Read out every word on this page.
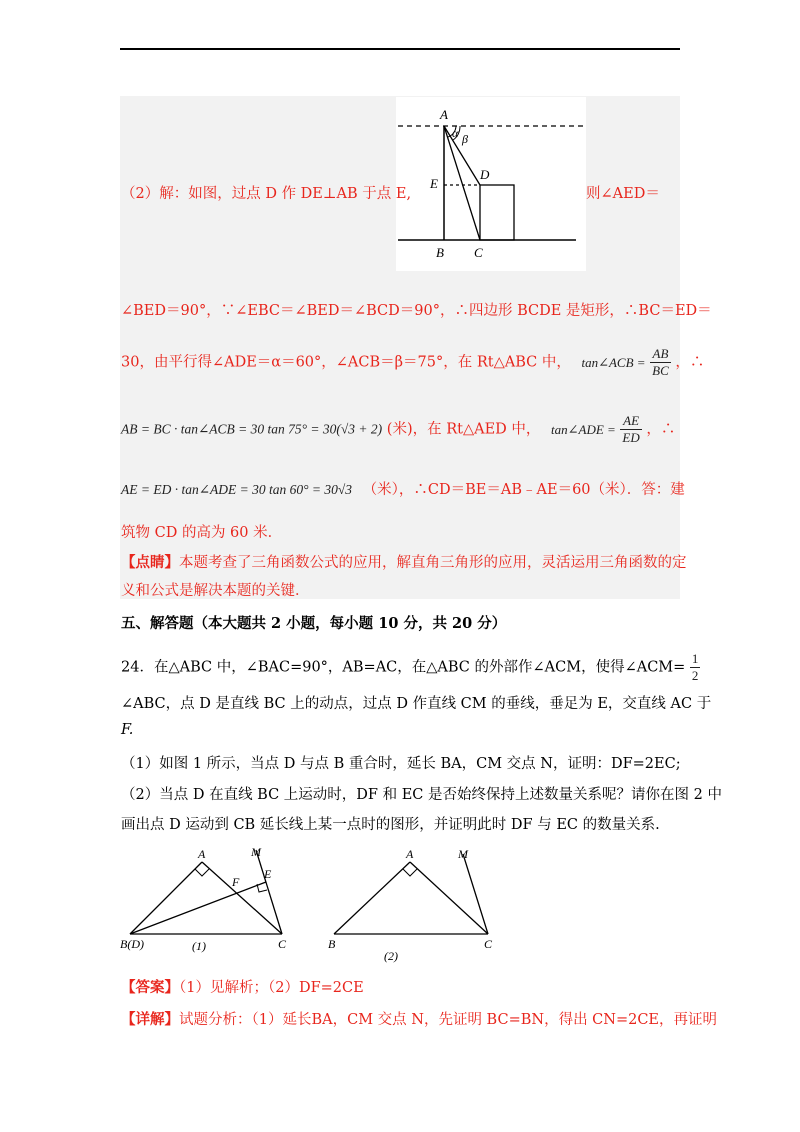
A
α β
E
D
B C
（2）解：如图，过点 D 作 DE⊥AB 于点 E,	则∠AED＝
∠BED＝90°，∵∠EBC＝∠BED＝∠BCD＝90°，∴四边形 BCDE 是矩形，∴BC＝ED＝
30，由平行得∠ADE＝α＝60°，∠ACB＝β＝75°，在 Rt△ABC 中， tan∠ACB = $\frac{AB}{BC}$ ，∴
AB = BC · tan∠ACB = 30 tan 75° = 30(√3 + 2) (米)，在 Rt△AED 中， tan∠ADE = $\frac{AE}{ED}$ ，∴
AE = ED · tan∠ADE = 30 tan 60° = 30√3 （米），∴CD＝BE＝AB﹣AE＝60（米）．答：建
筑物 CD 的高为 60 米．
【点睛】本题考查了三角函数公式的应用，解直角三角形的应用，灵活运用三角函数的定
义和公式是解决本题的关键．
五、解答题（本大题共 2 小题，每小题 10 分，共 20 分）
24．在△ABC 中，∠BAC=90°，AB=AC，在△ABC 的外部作∠ACM，使得∠ACM= $\frac{1}{2}$
∠ABC，点 D 是直线 BC 上的动点，过点 D 作直线 CM 的垂线，垂足为 E，交直线 AC 于
F.
（1）如图 1 所示，当点 D 与点 B 重合时，延长 BA，CM 交点 N，证明：DF=2EC;
（2）当点 D 在直线 BC 上运动时，DF 和 EC 是否始终保持上述数量关系呢？请你在图 2 中
画出点 D 运动到 CB 延长线上某一点时的图形，并证明此时 DF 与 EC 的数量关系.
A	M
F
E
B(D)	C
(1)
A	M
B	C
(2)
【答案】（1）见解析；（2）DF=2CE
【详解】试题分析：（1）延长BA，CM 交点 N，先证明 BC=BN，得出 CN=2CE，再证明
